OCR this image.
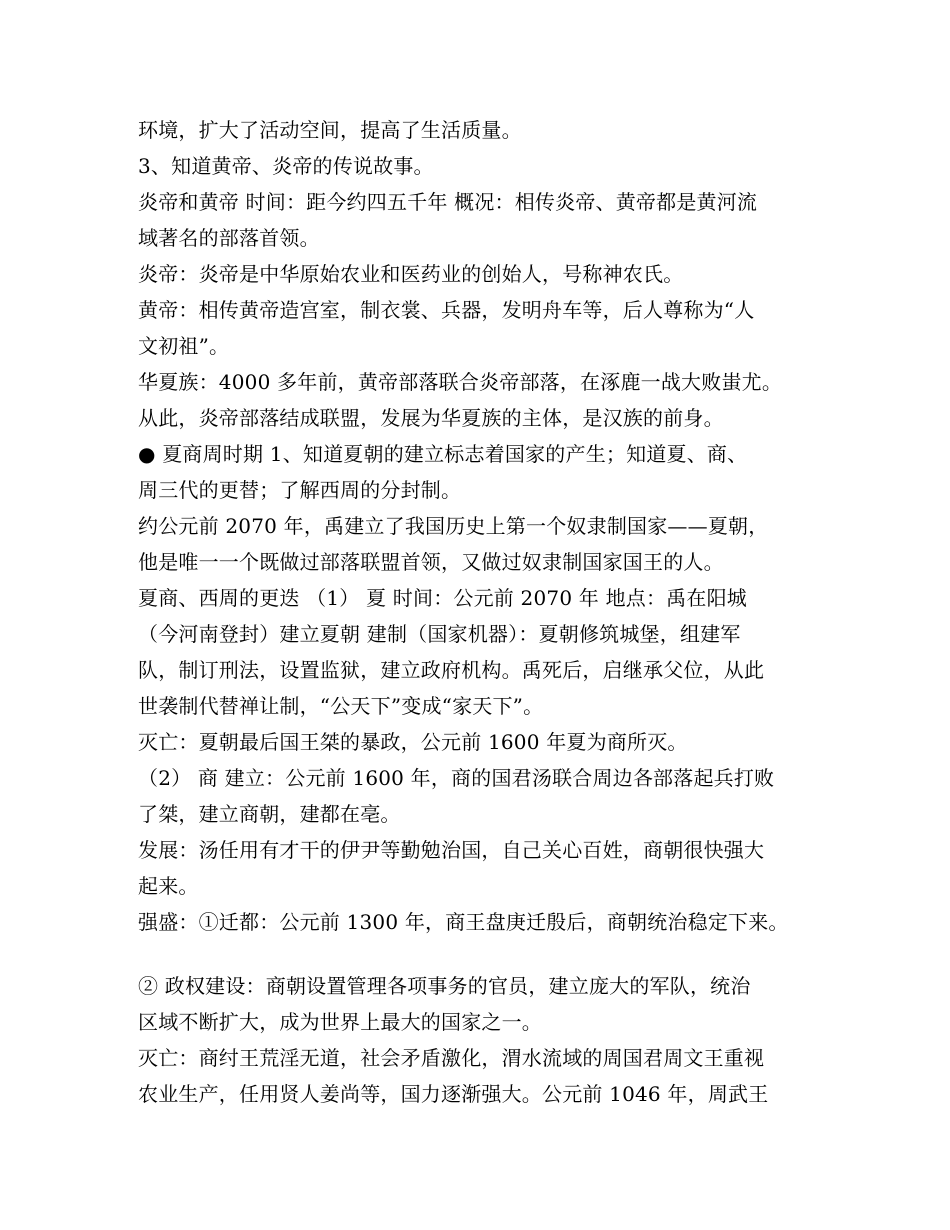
环境，扩大了活动空间，提高了生活质量。
3、知道黄帝、炎帝的传说故事。
炎帝和黄帝 时间：距今约四五千年 概况：相传炎帝、黄帝都是黄河流
域著名的部落首领。
炎帝：炎帝是中华原始农业和医药业的创始人，号称神农氏。
黄帝：相传黄帝造宫室，制衣裳、兵器，发明舟车等，后人尊称为“人
文初祖”。
华夏族：4000 多年前，黄帝部落联合炎帝部落，在涿鹿一战大败蚩尤。
从此，炎帝部落结成联盟，发展为华夏族的主体，是汉族的前身。
● 夏商周时期 1、知道夏朝的建立标志着国家的产生；知道夏、商、
周三代的更替；了解西周的分封制。
约公元前 2070 年，禹建立了我国历史上第一个奴隶制国家——夏朝，
他是唯一一个既做过部落联盟首领，又做过奴隶制国家国王的人。
夏商、西周的更迭 （1） 夏 时间：公元前 2070 年 地点：禹在阳城
（今河南登封）建立夏朝 建制（国家机器）：夏朝修筑城堡，组建军
队，制订刑法，设置监狱，建立政府机构。禹死后，启继承父位，从此
世袭制代替禅让制，“公天下”变成“家天下”。
灭亡：夏朝最后国王桀的暴政，公元前 1600 年夏为商所灭。
（2） 商 建立：公元前 1600 年，商的国君汤联合周边各部落起兵打败
了桀，建立商朝，建都在亳。
发展：汤任用有才干的伊尹等勤勉治国，自己关心百姓，商朝很快强大
起来。
强盛：①迁都：公元前 1300 年，商王盘庚迁殷后，商朝统治稳定下来。
② 政权建设：商朝设置管理各项事务的官员，建立庞大的军队，统治
区域不断扩大，成为世界上最大的国家之一。
灭亡：商纣王荒淫无道，社会矛盾激化，渭水流域的周国君周文王重视
农业生产，任用贤人姜尚等，国力逐渐强大。公元前 1046 年，周武王
